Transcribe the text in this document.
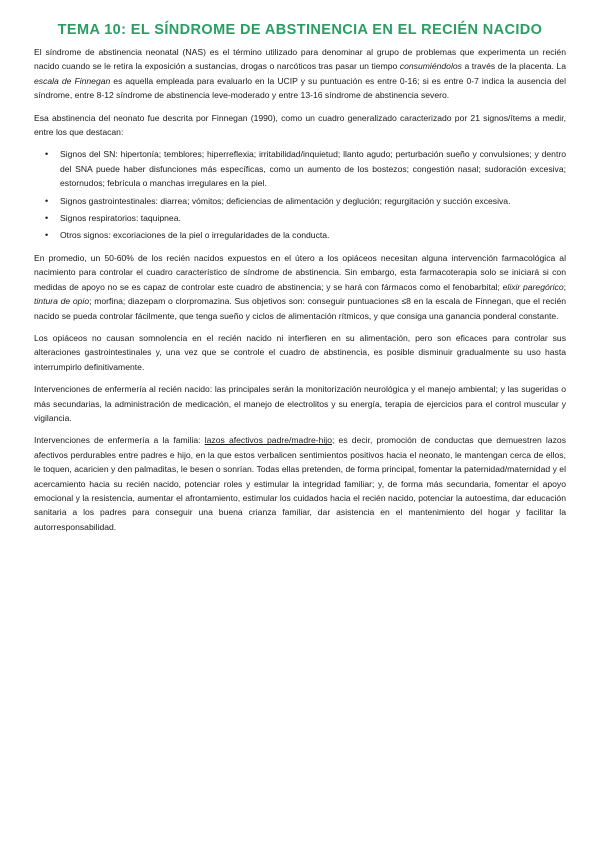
TEMA 10: EL SÍNDROME DE ABSTINENCIA EN EL RECIÉN NACIDO

El síndrome de abstinencia neonatal (NAS) es el término utilizado para denominar al grupo de problemas que experimenta un recién nacido cuando se le retira la exposición a sustancias, drogas o narcóticos tras pasar un tiempo consumiéndolos a través de la placenta. La escala de Finnegan es aquella empleada para evaluarlo en la UCIP y su puntuación es entre 0-16; si es entre 0-7 indica la ausencia del síndrome, entre 8-12 síndrome de abstinencia leve-moderado y entre 13-16 síndrome de abstinencia severo.

Esa abstinencia del neonato fue descrita por Finnegan (1990), como un cuadro generalizado caracterizado por 21 signos/ítems a medir, entre los que destacan:

• Signos del SN: hipertonía; temblores; hiperreflexia; irritabilidad/inquietud; llanto agudo; perturbación sueño y convulsiones; y dentro del SNA puede haber disfunciones más específicas, como un aumento de los bostezos; congestión nasal; sudoración excesiva; estornudos; febrícula o manchas irregulares en la piel.
• Signos gastrointestinales: diarrea; vómitos; deficiencias de alimentación y deglución; regurgitación y succión excesiva.
• Signos respiratorios: taquipnea.
• Otros signos: excoriaciones de la piel o irregularidades de la conducta.

En promedio, un 50-60% de los recién nacidos expuestos en el útero a los opiáceos necesitan alguna intervención farmacológica al nacimiento para controlar el cuadro característico de síndrome de abstinencia. Sin embargo, esta farmacoterapia solo se iniciará si con medidas de apoyo no se es capaz de controlar este cuadro de abstinencia; y se hará con fármacos como el fenobarbital; elixir paregórico; tintura de opio; morfina; diazepam o clorpromazina. Sus objetivos son: conseguir puntuaciones ≤8 en la escala de Finnegan, que el recién nacido se pueda controlar fácilmente, que tenga sueño y ciclos de alimentación rítmicos, y que consiga una ganancia ponderal constante.

Los opiáceos no causan somnolencia en el recién nacido ni interfieren en su alimentación, pero son eficaces para controlar sus alteraciones gastrointestinales y, una vez que se controle el cuadro de abstinencia, es posible disminuir gradualmente su uso hasta interrumpirlo definitivamente.

Intervenciones de enfermería al recién nacido: las principales serán la monitorización neurológica y el manejo ambiental; y las sugeridas o más secundarias, la administración de medicación, el manejo de electrolitos y su energía, terapia de ejercicios para el control muscular y vigilancia.

Intervenciones de enfermería a la familia: lazos afectivos padre/madre-hijo; es decir, promoción de conductas que demuestren lazos afectivos perdurables entre padres e hijo, en la que estos verbalicen sentimientos positivos hacia el neonato, le mantengan cerca de ellos, le toquen, acaricien y den palmaditas, le besen o sonrían. Todas ellas pretenden, de forma principal, fomentar la paternidad/maternidad y el acercamiento hacia su recién nacido, potenciar roles y estimular la integridad familiar; y, de forma más secundaria, fomentar el apoyo emocional y la resistencia, aumentar el afrontamiento, estimular los cuidados hacia el recién nacido, potenciar la autoestima, dar educación sanitaria a los padres para conseguir una buena crianza familiar, dar asistencia en el mantenimiento del hogar y facilitar la autorresponsabilidad.
